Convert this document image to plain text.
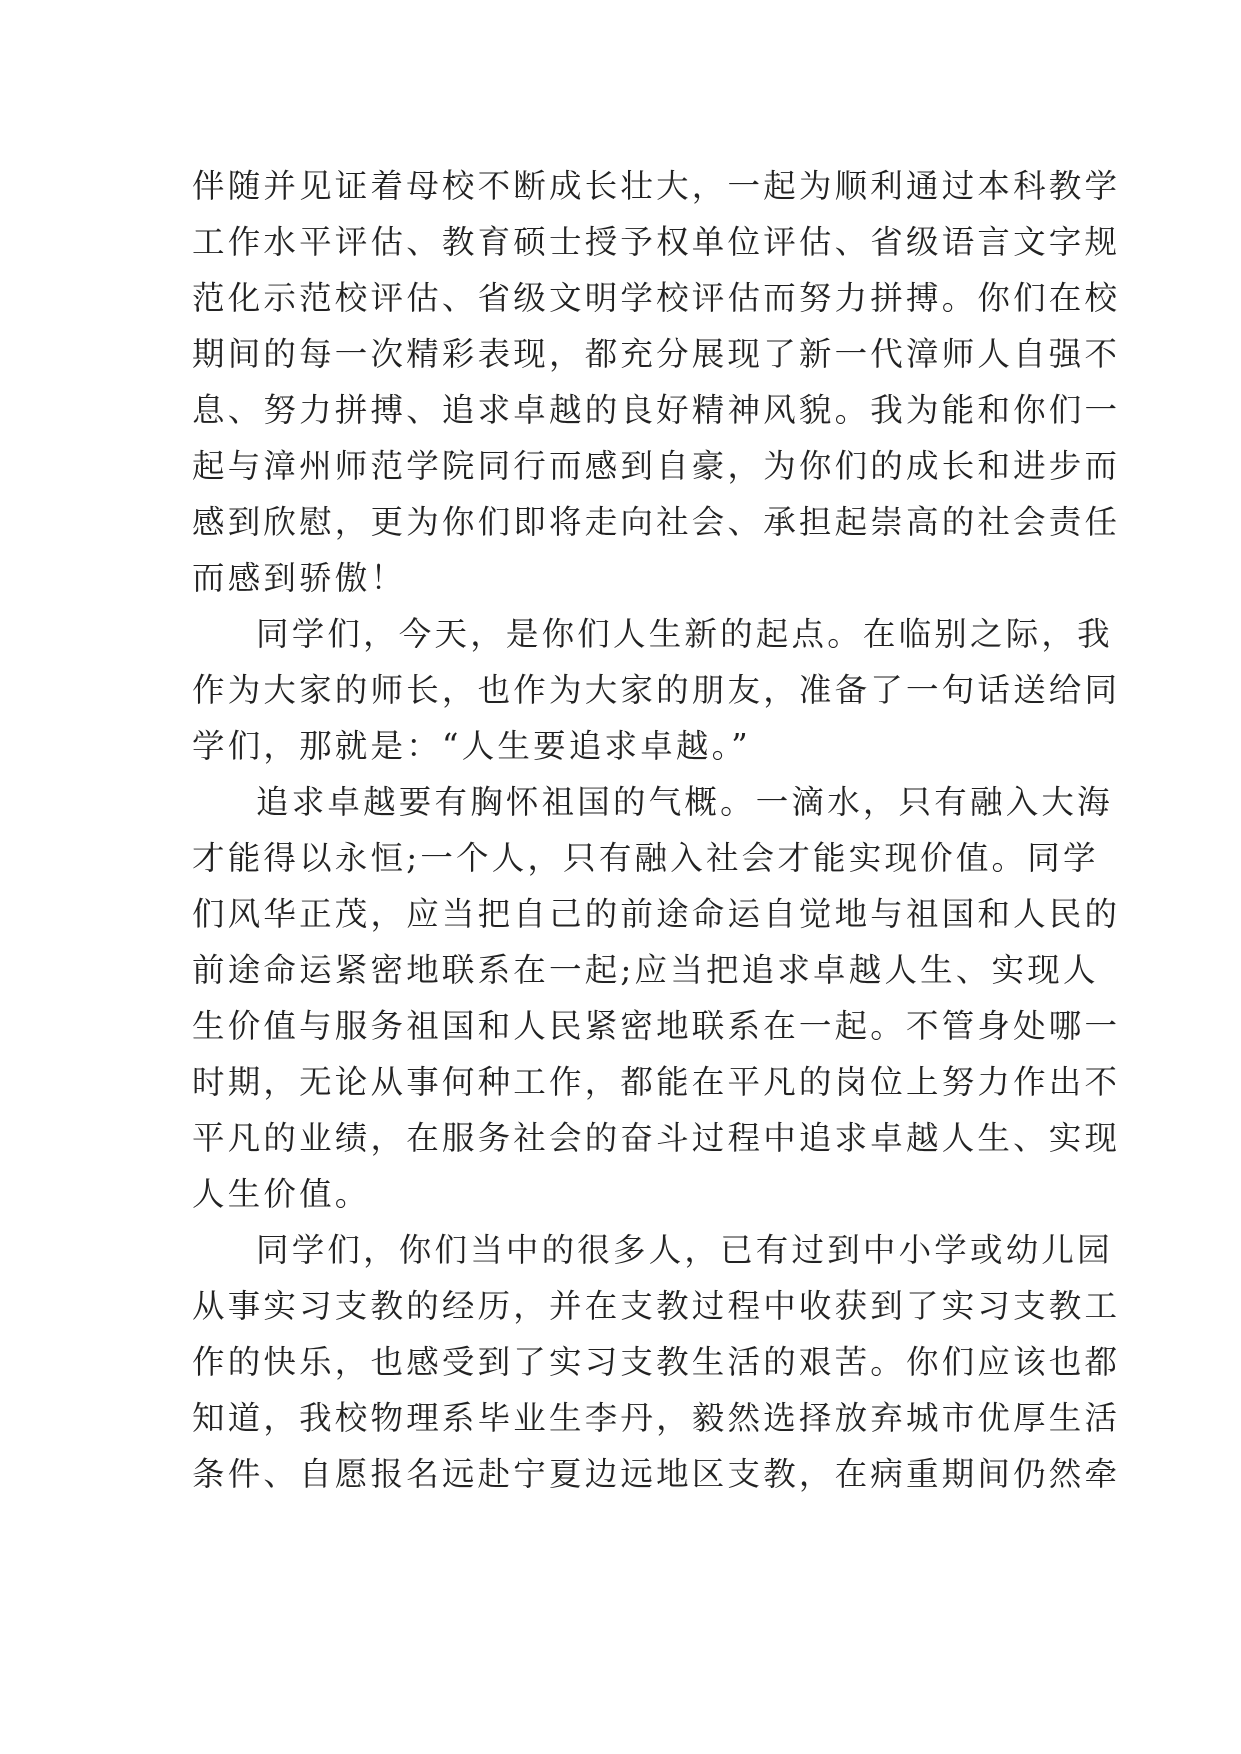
伴随并见证着母校不断成长壮大，一起为顺利通过本科教学
工作水平评估、教育硕士授予权单位评估、省级语言文字规
范化示范校评估、省级文明学校评估而努力拼搏。你们在校
期间的每一次精彩表现，都充分展现了新一代漳师人自强不
息、努力拼搏、追求卓越的良好精神风貌。我为能和你们一
起与漳州师范学院同行而感到自豪，为你们的成长和进步而
感到欣慰，更为你们即将走向社会、承担起崇高的社会责任
而感到骄傲！
同学们，今天，是你们人生新的起点。在临别之际，我
作为大家的师长，也作为大家的朋友，准备了一句话送给同
学们，那就是：“人生要追求卓越。”
追求卓越要有胸怀祖国的气概。一滴水，只有融入大海
才能得以永恒;一个人，只有融入社会才能实现价值。同学
们风华正茂，应当把自己的前途命运自觉地与祖国和人民的
前途命运紧密地联系在一起;应当把追求卓越人生、实现人
生价值与服务祖国和人民紧密地联系在一起。不管身处哪一
时期，无论从事何种工作，都能在平凡的岗位上努力作出不
平凡的业绩，在服务社会的奋斗过程中追求卓越人生、实现
人生价值。
同学们，你们当中的很多人，已有过到中小学或幼儿园
从事实习支教的经历，并在支教过程中收获到了实习支教工
作的快乐，也感受到了实习支教生活的艰苦。你们应该也都
知道，我校物理系毕业生李丹，毅然选择放弃城市优厚生活
条件、自愿报名远赴宁夏边远地区支教，在病重期间仍然牵
